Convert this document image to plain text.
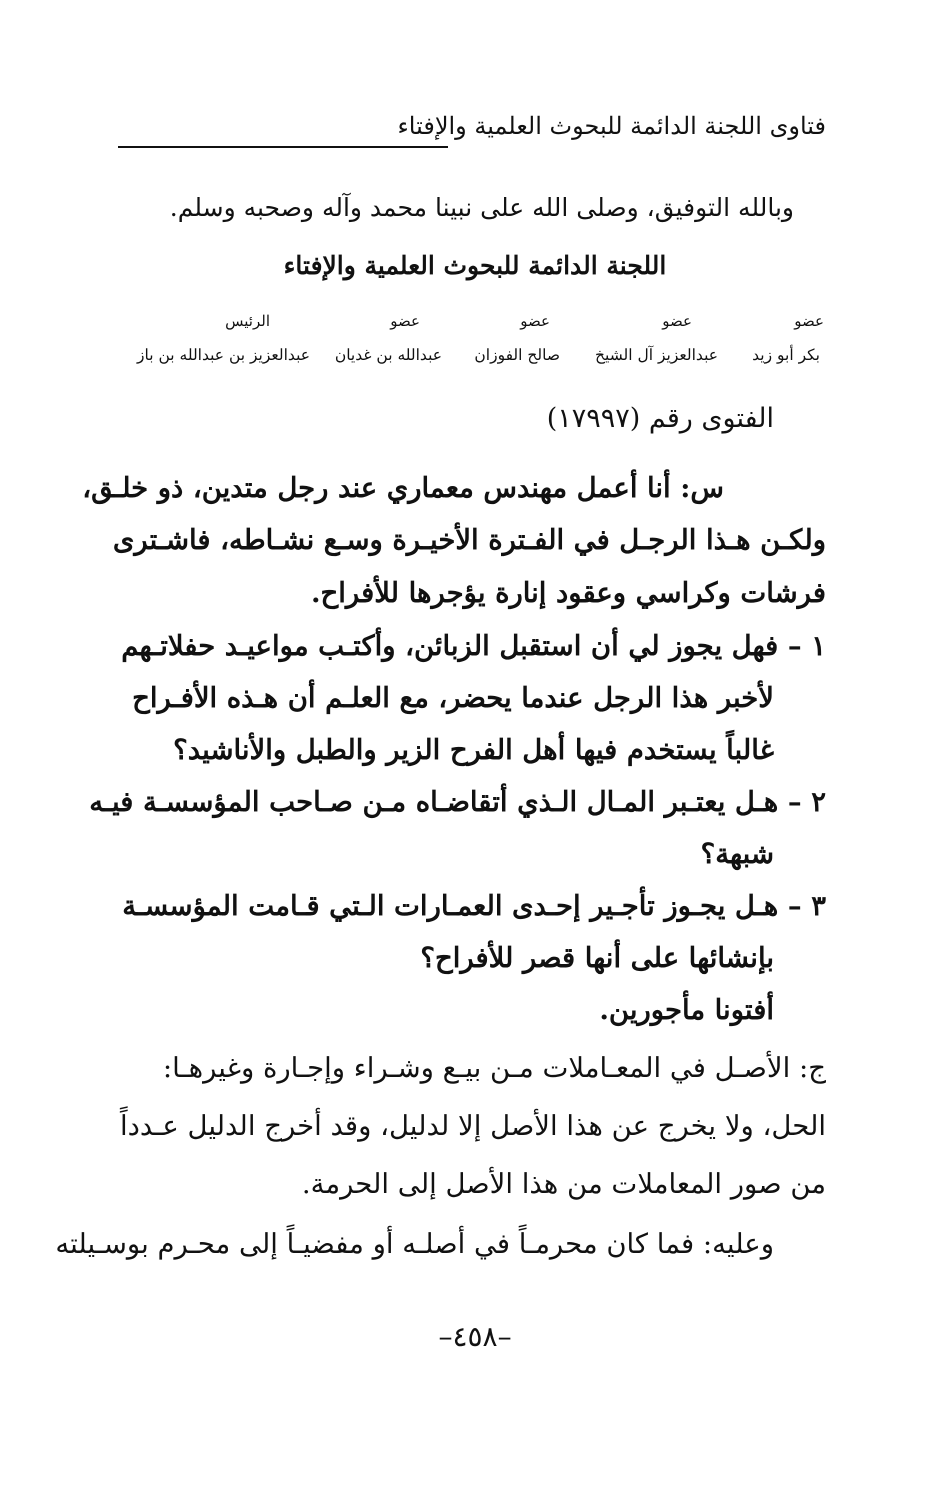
فتاوى اللجنة الدائمة للبحوث العلمية والإفتاء
وبالله التوفيق، وصلى الله على نبينا محمد وآله وصحبه وسلم.
اللجنة الدائمة للبحوث العلمية والإفتاء
عضو
بكر أبو زيد
عضو
عبدالعزيز آل الشيخ
عضو
صالح الفوزان
عضو
عبدالله بن غديان
الرئيس
عبدالعزيز بن عبدالله بن باز
الفتوى رقم (١٧٩٩٧)
س: أنا أعمل مهندس معماري عند رجل متدين، ذو خلـق،
ولكـن هـذا الرجـل في الفـترة الأخيـرة وسـع نشـاطه، فاشـترى
فرشات وكراسي وعقود إنارة يؤجرها للأفراح.
١ – فهل يجوز لي أن استقبل الزبائن، وأكتـب مواعيـد حفلاتـهم
لأخبر هذا الرجل عندما يحضر، مع العلـم أن هـذه الأفـراح
غالباً يستخدم فيها أهل الفرح الزير والطبل والأناشيد؟
٢ – هـل يعتـبر المـال الـذي أتقاضـاه مـن صـاحب المؤسسـة فيـه
شبهة؟
٣ – هـل يجـوز تأجـير إحـدى العمـارات الـتي قـامت المؤسسـة
بإنشائها على أنها قصر للأفراح؟
أفتونا مأجورين.
ج: الأصـل في المعـاملات مـن بيـع وشـراء وإجـارة وغيرهـا:
الحل، ولا يخرج عن هذا الأصل إلا لدليل، وقد أخرج الدليل عـدداً
من صور المعاملات من هذا الأصل إلى الحرمة.
وعليه: فما كان محرمـاً في أصلـه أو مفضيـاً إلى محـرم بوسـيلته
–٤٥٨–
